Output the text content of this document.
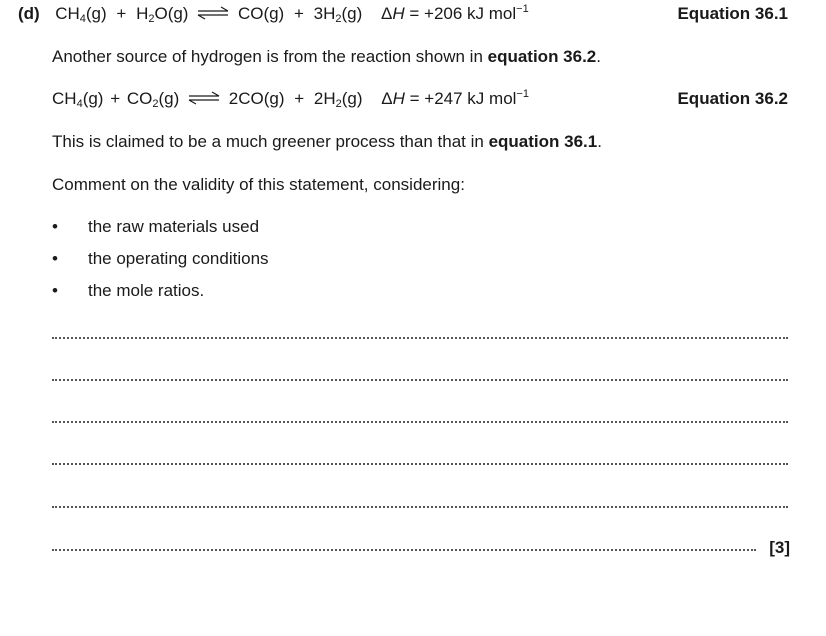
(d) $CH_4(g) + H_2O(g)$ ⇌ $CO(g) + 3H_2(g) \Delta H = +206$ kJ mol$^{-1}$	Equation 36.1
Another source of hydrogen is from the reaction shown in equation 36.2.
$CH_4(g) + CO_2(g)$ ⇌ $2CO(g) + 2H_2(g) \Delta H = +247$ kJ mol$^{-1}$	Equation 36.2
This is claimed to be a much greener process than that in equation 36.1.
Comment on the validity of this statement, considering:
• the raw materials used
• the operating conditions
• the mole ratios.
[3]
